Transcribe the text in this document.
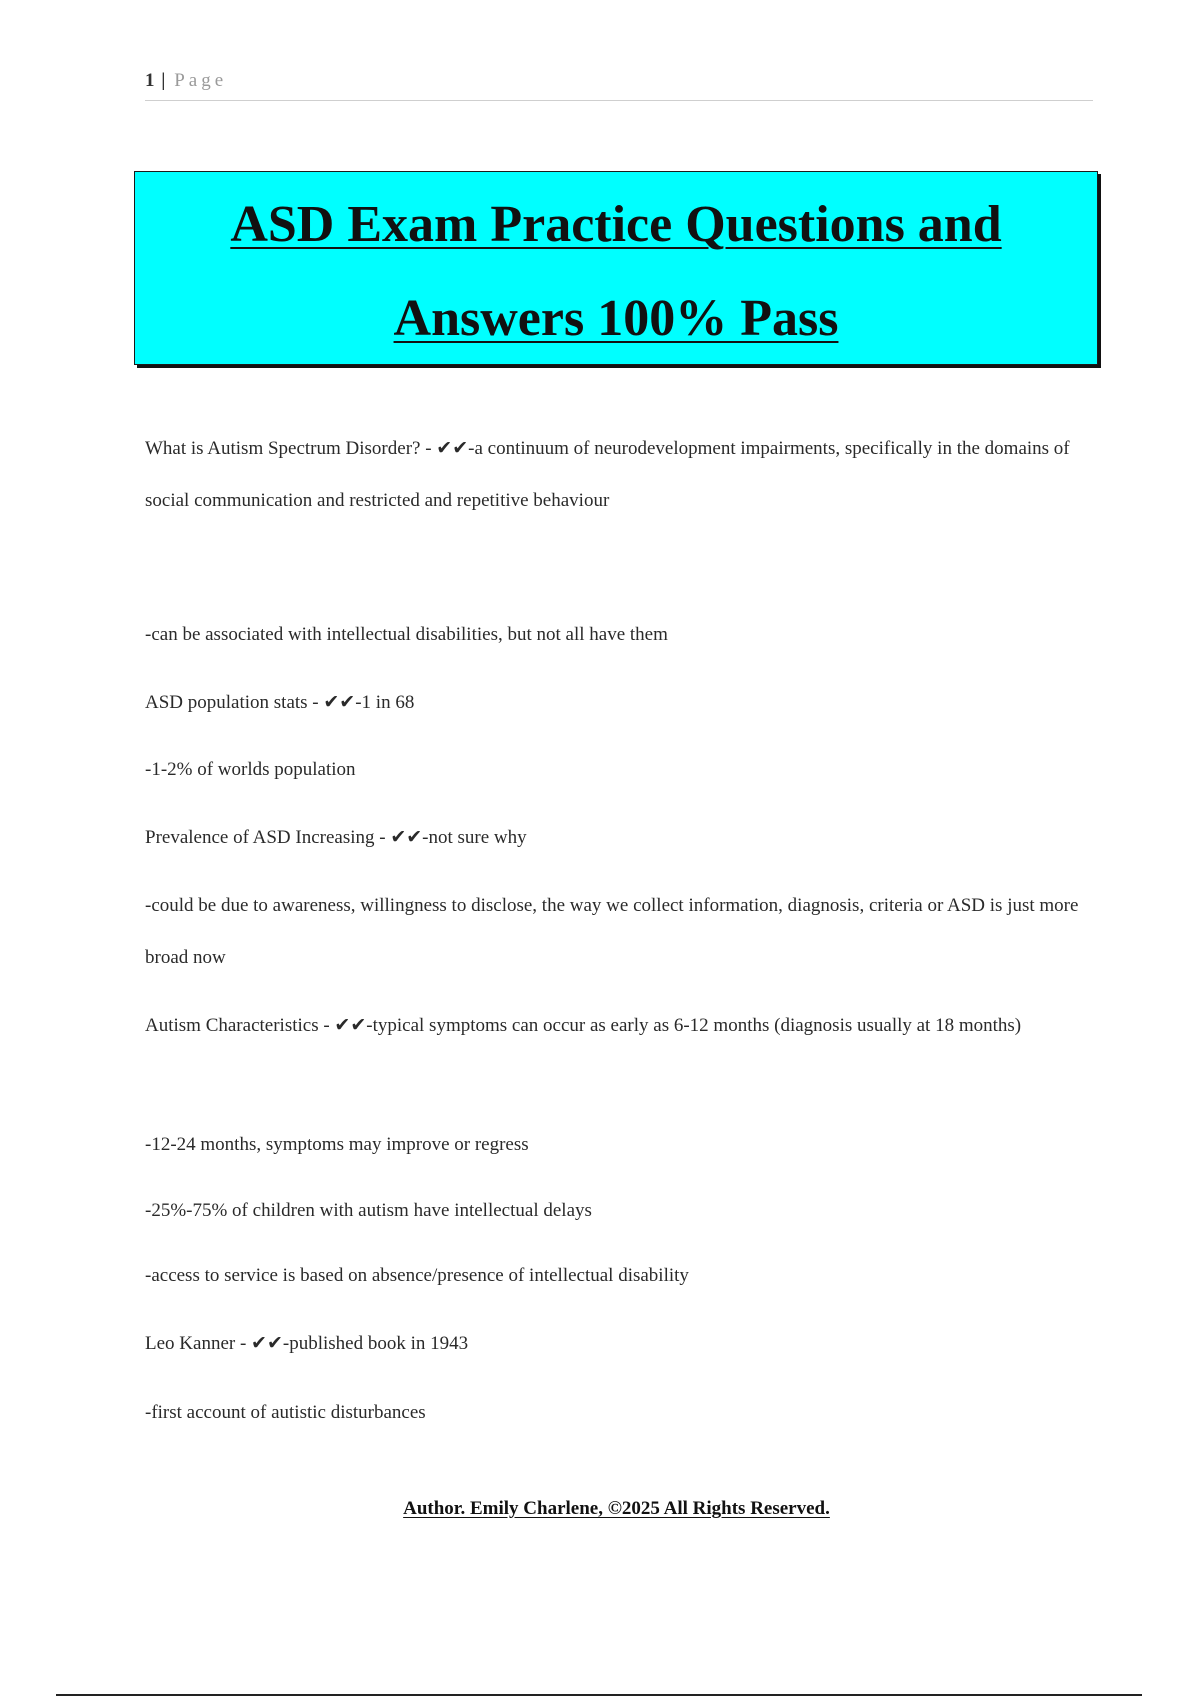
1 | Page
ASD Exam Practice Questions and
Answers 100% Pass
What is Autism Spectrum Disorder? - ✔✔-a continuum of neurodevelopment impairments, specifically in the domains of social communication and restricted and repetitive behaviour
-can be associated with intellectual disabilities, but not all have them
ASD population stats - ✔✔-1 in 68
-1-2% of worlds population
Prevalence of ASD Increasing - ✔✔-not sure why
-could be due to awareness, willingness to disclose, the way we collect information, diagnosis, criteria or ASD is just more broad now
Autism Characteristics - ✔✔-typical symptoms can occur as early as 6-12 months (diagnosis usually at 18 months)
-12-24 months, symptoms may improve or regress
-25%-75% of children with autism have intellectual delays
-access to service is based on absence/presence of intellectual disability
Leo Kanner - ✔✔-published book in 1943
-first account of autistic disturbances
Author. Emily Charlene, ©2025 All Rights Reserved.
